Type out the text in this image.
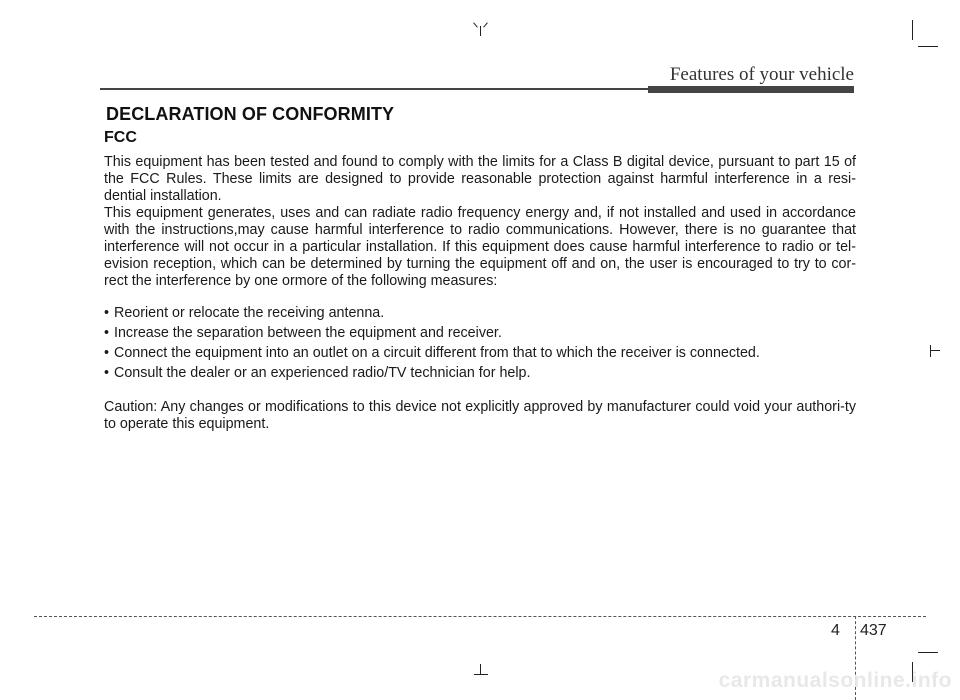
Features of your vehicle
DECLARATION OF CONFORMITY
FCC
This equipment has been tested and found to comply with the limits for a Class B digital device, pursuant to part 15 of the FCC Rules. These limits are designed to provide reasonable protection against harmful interference in a resi-dential installation.
This equipment generates, uses and can radiate radio frequency energy and, if not installed and used in accordance with the instructions,may cause harmful interference to radio communications. However, there is no guarantee that interference will not occur in a particular installation. If this equipment does cause harmful interference to radio or tel-evision reception, which can be determined by turning the equipment off and on, the user is encouraged to try to cor-rect the interference by one ormore of the following measures:
• Reorient or relocate the receiving antenna.
• Increase the separation between the equipment and receiver.
• Connect the equipment into an outlet on a circuit different from that to which the receiver is connected.
• Consult the dealer or an experienced radio/TV technician for help.
Caution: Any changes or modifications to this device not explicitly approved by manufacturer could void your authori-ty to operate this equipment.
4 437
carmanualsonline.info
